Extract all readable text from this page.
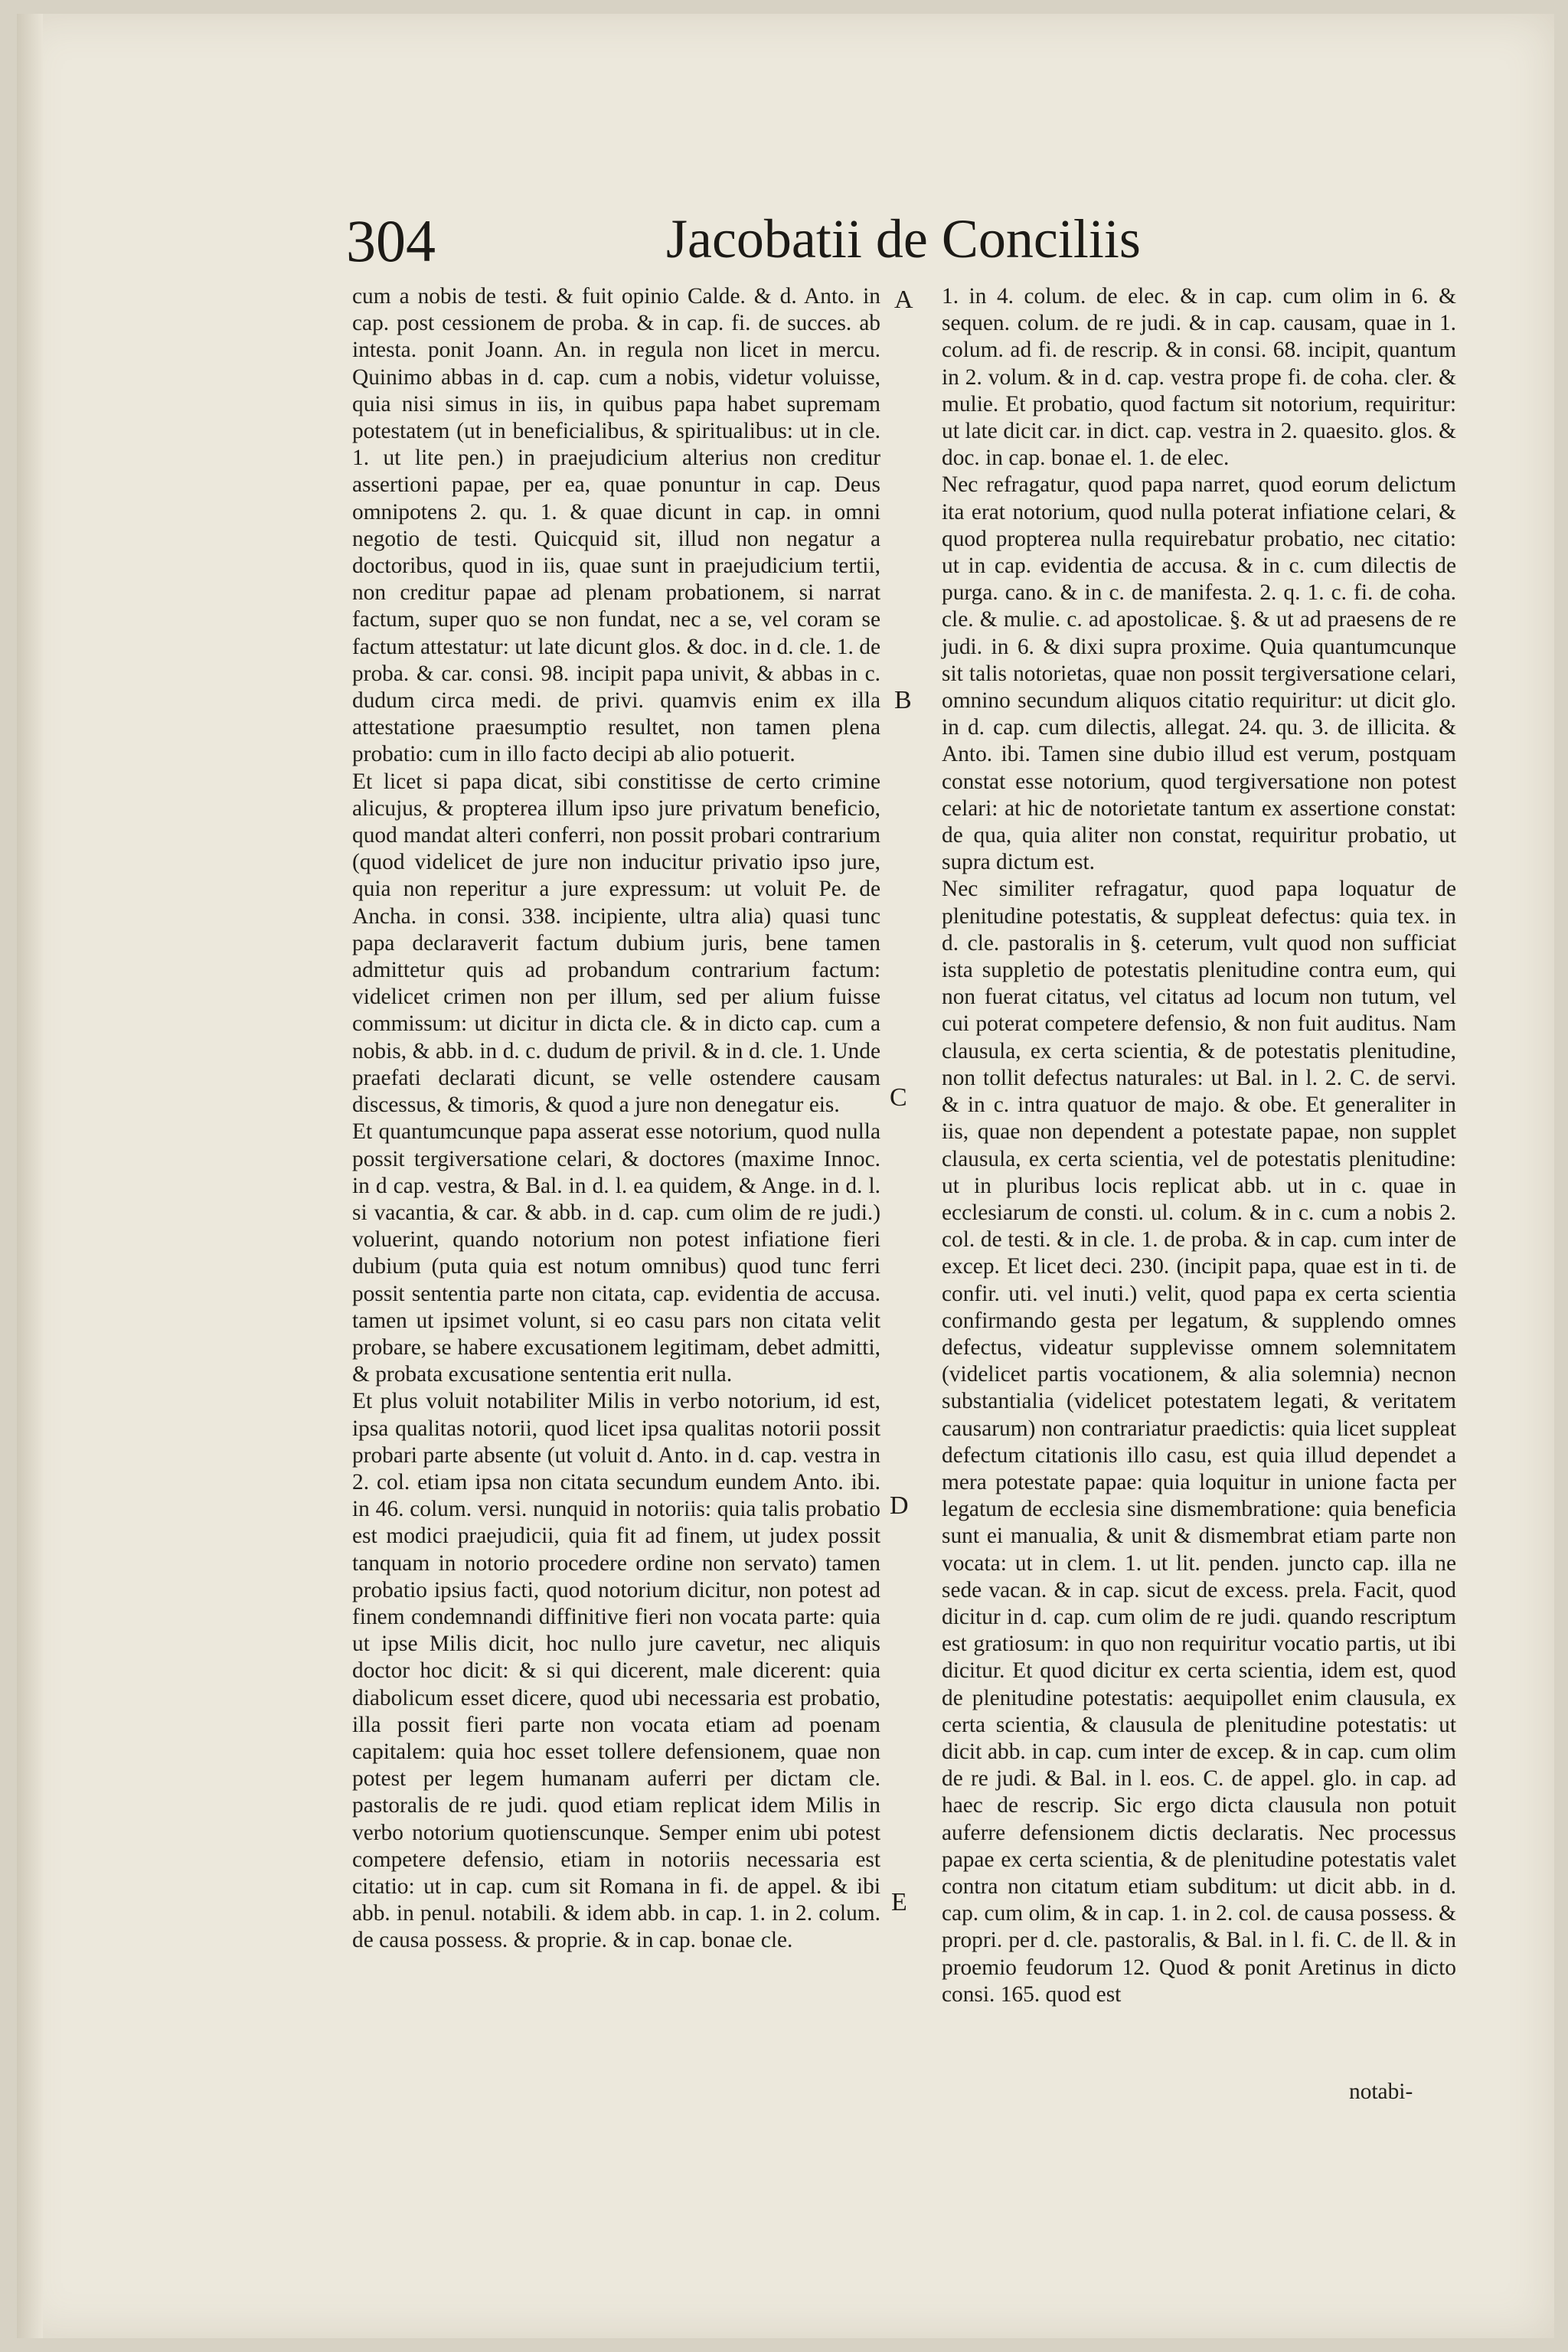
304	Jacobatii de Conciliis
cum a nobis de testi. & fuit opinio Calde. & d. Anto. in cap. post cessionem de proba. & in cap. fi. de succes. ab intesta. ponit Joann. An. in regula non licet in mercu. Quinimo abbas in d. cap. cum a nobis, videtur voluisse, quia nisi simus in iis, in quibus papa habet supremam potestatem (ut in beneficialibus, & spiritualibus: ut in cle. 1. ut lite pen.) in praejudicium alterius non creditur assertioni papae, per ea, quae ponuntur in cap. Deus omnipotens 2. qu. 1. & quae dicunt in cap. in omni negotio de testi. Quicquid sit, illud non negatur a doctoribus, quod in iis, quae sunt in praejudicium tertii, non creditur papae ad plenam probationem, si narrat factum, super quo se non fundat, nec a se, vel coram se factum attestatur: ut late dicunt glos. & doc. in d. cle. 1. de proba. & car. consi. 98. incipit papa univit, & abbas in c. dudum circa medi. de privi. quamvis enim ex illa attestatione praesumptio resultet, non tamen plena probatio: cum in illo facto decipi ab alio potuerit.
Et licet si papa dicat, sibi constitisse de certo crimine alicujus, & propterea illum ipso jure privatum beneficio, quod mandat alteri conferri, non possit probari contrarium (quod videlicet de jure non inducitur privatio ipso jure, quia non reperitur a jure expressum: ut voluit Pe. de Ancha. in consi. 338. incipiente, ultra alia) quasi tunc papa declaraverit factum dubium juris, bene tamen admittetur quis ad probandum contrarium factum: videlicet crimen non per illum, sed per alium fuisse commissum: ut dicitur in dicta cle. & in dicto cap. cum a nobis, & abb. in d. c. dudum de privil. & in d. cle. 1. Unde praefati declarati dicunt, se velle ostendere causam discessus, & timoris, & quod a jure non denegatur eis.
Et quantumcunque papa asserat esse notorium, quod nulla possit tergiversatione celari, & doctores (maxime Innoc. in d cap. vestra, & Bal. in d. l. ea quidem, & Ange. in d. l. si vacantia, & car. & abb. in d. cap. cum olim de re judi.) voluerint, quando notorium non potest infiatione fieri dubium (puta quia est notum omnibus) quod tunc ferri possit sententia parte non citata, cap. evidentia de accusa. tamen ut ipsimet volunt, si eo casu pars non citata velit probare, se habere excusationem legitimam, debet admitti, & probata excusatione sententia erit nulla.
Et plus voluit notabiliter Milis in verbo notorium, id est, ipsa qualitas notorii, quod licet ipsa qualitas notorii possit probari parte absente (ut voluit d. Anto. in d. cap. vestra in 2. col. etiam ipsa non citata secundum eundem Anto. ibi. in 46. colum. versi. nunquid in notoriis: quia talis probatio est modici praejudicii, quia fit ad finem, ut judex possit tanquam in notorio procedere ordine non servato) tamen probatio ipsius facti, quod notorium dicitur, non potest ad finem condemnandi diffinitive fieri non vocata parte: quia ut ipse Milis dicit, hoc nullo jure cavetur, nec aliquis doctor hoc dicit: & si qui dicerent, male dicerent: quia diabolicum esset dicere, quod ubi necessaria est probatio, illa possit fieri parte non vocata etiam ad poenam capitalem: quia hoc esset tollere defensionem, quae non potest per legem humanam auferri per dictam cle. pastoralis de re judi. quod etiam replicat idem Milis in verbo notorium quotienscunque. Semper enim ubi potest competere defensio, etiam in notoriis necessaria est citatio: ut in cap. cum sit Romana in fi. de appel. & ibi abb. in penul. notabili. & idem abb. in cap. 1. in 2. colum. de causa possess. & proprie. & in cap. bonae cle.
1. in 4. colum. de elec. & in cap. cum olim in 6. & sequen. colum. de re judi. & in cap. causam, quae in 1. colum. ad fi. de rescrip. & in consi. 68. incipit, quantum in 2. volum. & in d. cap. vestra prope fi. de coha. cler. & mulie. Et probatio, quod factum sit notorium, requiritur: ut late dicit car. in dict. cap. vestra in 2. quaesito. glos. & doc. in cap. bonae el. 1. de elec.
Nec refragatur, quod papa narret, quod eorum delictum ita erat notorium, quod nulla poterat infiatione celari, & quod propterea nulla requirebatur probatio, nec citatio: ut in cap. evidentia de accusa. & in c. cum dilectis de purga. cano. & in c. de manifesta. 2. q. 1. c. fi. de coha. cle. & mulie. c. ad apostolicae. §. & ut ad praesens de re judi. in 6. & dixi supra proxime. Quia quantumcunque sit talis notorietas, quae non possit tergiversatione celari, omnino secundum aliquos citatio requiritur: ut dicit glo. in d. cap. cum dilectis, allegat. 24. qu. 3. de illicita. & Anto. ibi. Tamen sine dubio illud est verum, postquam constat esse notorium, quod tergiversatione non potest celari: at hic de notorietate tantum ex assertione constat: de qua, quia aliter non constat, requiritur probatio, ut supra dictum est.
Nec similiter refragatur, quod papa loquatur de plenitudine potestatis, & suppleat defectus: quia tex. in d. cle. pastoralis in §. ceterum, vult quod non sufficiat ista suppletio de potestatis plenitudine contra eum, qui non fuerat citatus, vel citatus ad locum non tutum, vel cui poterat competere defensio, & non fuit auditus. Nam clausula, ex certa scientia, & de potestatis plenitudine, non tollit defectus naturales: ut Bal. in l. 2. C. de servi. & in c. intra quatuor de majo. & obe. Et generaliter in iis, quae non dependent a potestate papae, non supplet clausula, ex certa scientia, vel de potestatis plenitudine: ut in pluribus locis replicat abb. ut in c. quae in ecclesiarum de consti. ul. colum. & in c. cum a nobis 2. col. de testi. & in cle. 1. de proba. & in cap. cum inter de excep. Et licet deci. 230. (incipit papa, quae est in ti. de confir. uti. vel inuti.) velit, quod papa ex certa scientia confirmando gesta per legatum, & supplendo omnes defectus, videatur supplevisse omnem solemnitatem (videlicet partis vocationem, & alia solemnia) necnon substantialia (videlicet potestatem legati, & veritatem causarum) non contrariatur praedictis: quia licet suppleat defectum citationis illo casu, est quia illud dependet a mera potestate papae: quia loquitur in unione facta per legatum de ecclesia sine dismembratione: quia beneficia sunt ei manualia, & unit & dismembrat etiam parte non vocata: ut in clem. 1. ut lit. penden. juncto cap. illa ne sede vacan. & in cap. sicut de excess. prela. Facit, quod dicitur in d. cap. cum olim de re judi. quando rescriptum est gratiosum: in quo non requiritur vocatio partis, ut ibi dicitur. Et quod dicitur ex certa scientia, idem est, quod de plenitudine potestatis: aequipollet enim clausula, ex certa scientia, & clausula de plenitudine potestatis: ut dicit abb. in cap. cum inter de excep. & in cap. cum olim de re judi. & Bal. in l. eos. C. de appel. glo. in cap. ad haec de rescrip. Sic ergo dicta clausula non potuit auferre defensionem dictis declaratis. Nec processus papae ex certa scientia, & de plenitudine potestatis valet contra non citatum etiam subditum: ut dicit abb. in d. cap. cum olim, & in cap. 1. in 2. col. de causa possess. & propri. per d. cle. pastoralis, & Bal. in l. fi. C. de ll. & in proemio feudorum 12. Quod & ponit Aretinus in dicto consi. 165. quod est
A
B
C
D
E
notabi-
